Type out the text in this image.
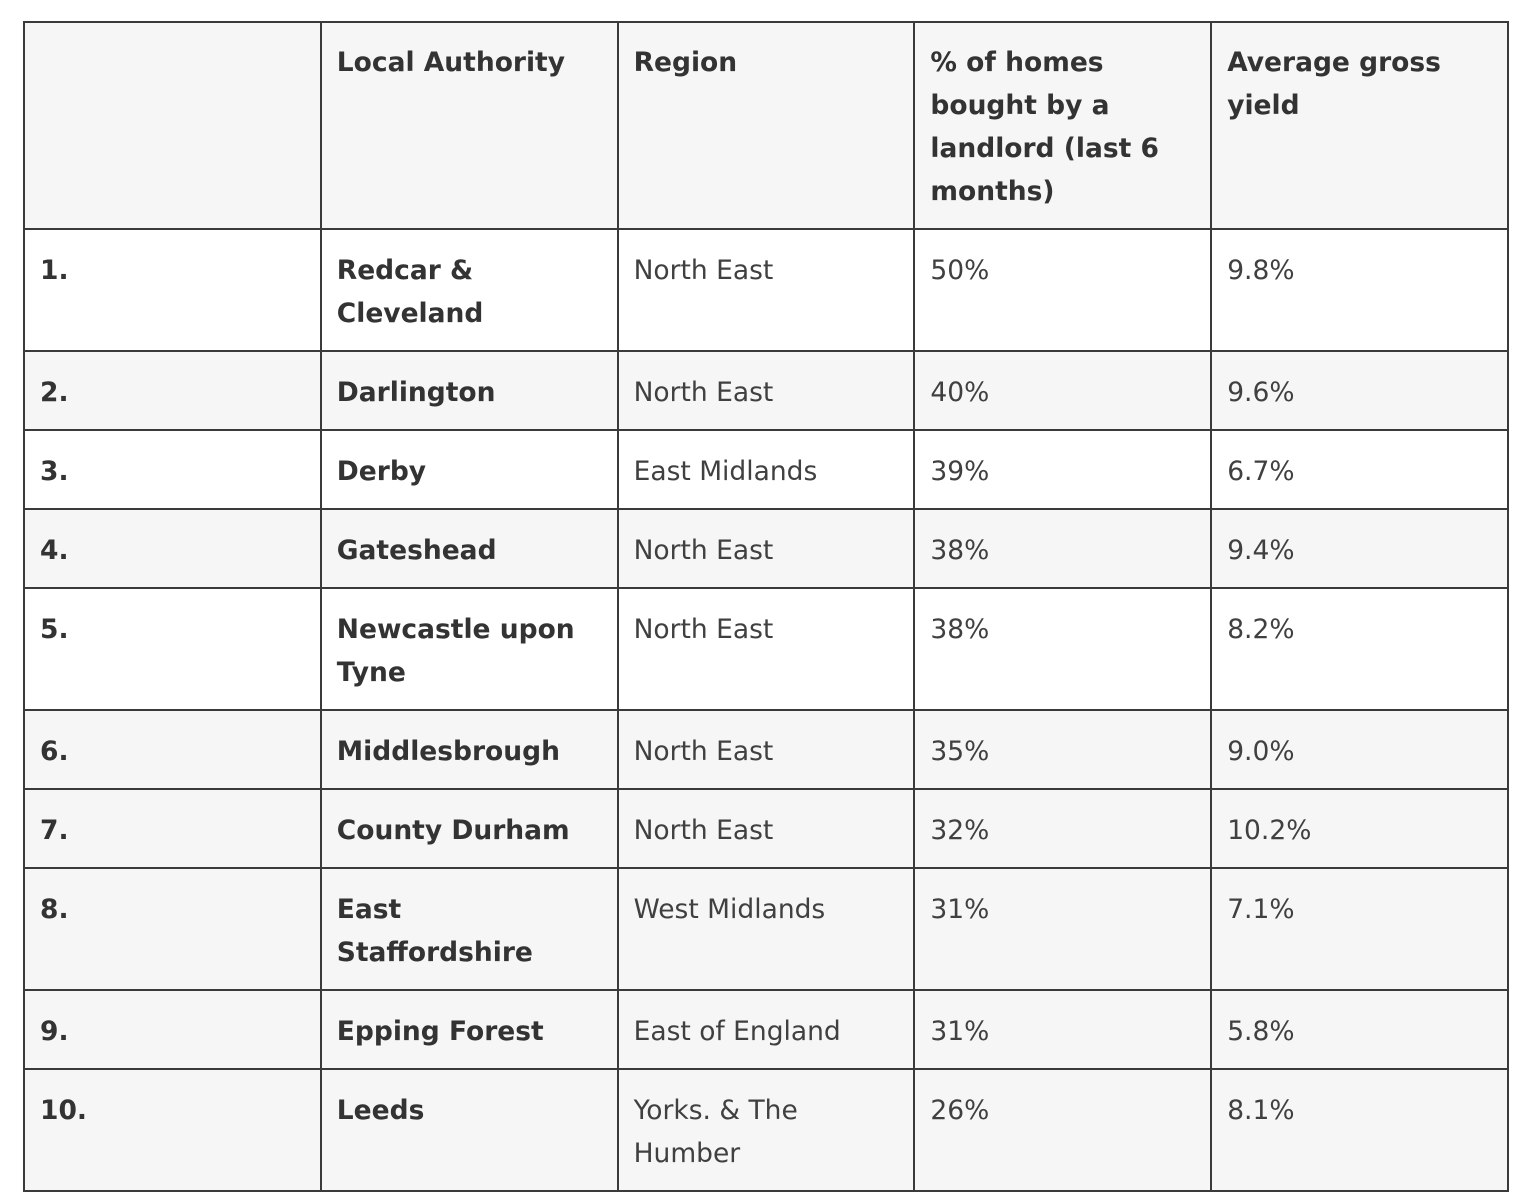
	Local Authority	Region	% of homes bought by a landlord (last 6 months)	Average gross yield
1.	Redcar & Cleveland	North East	50%	9.8%
2.	Darlington	North East	40%	9.6%
3.	Derby	East Midlands	39%	6.7%
4.	Gateshead	North East	38%	9.4%
5.	Newcastle upon Tyne	North East	38%	8.2%
6.	Middlesbrough	North East	35%	9.0%
7.	County Durham	North East	32%	10.2%
8.	East Staffordshire	West Midlands	31%	7.1%
9.	Epping Forest	East of England	31%	5.8%
10.	Leeds	Yorks. & The Humber	26%	8.1%
